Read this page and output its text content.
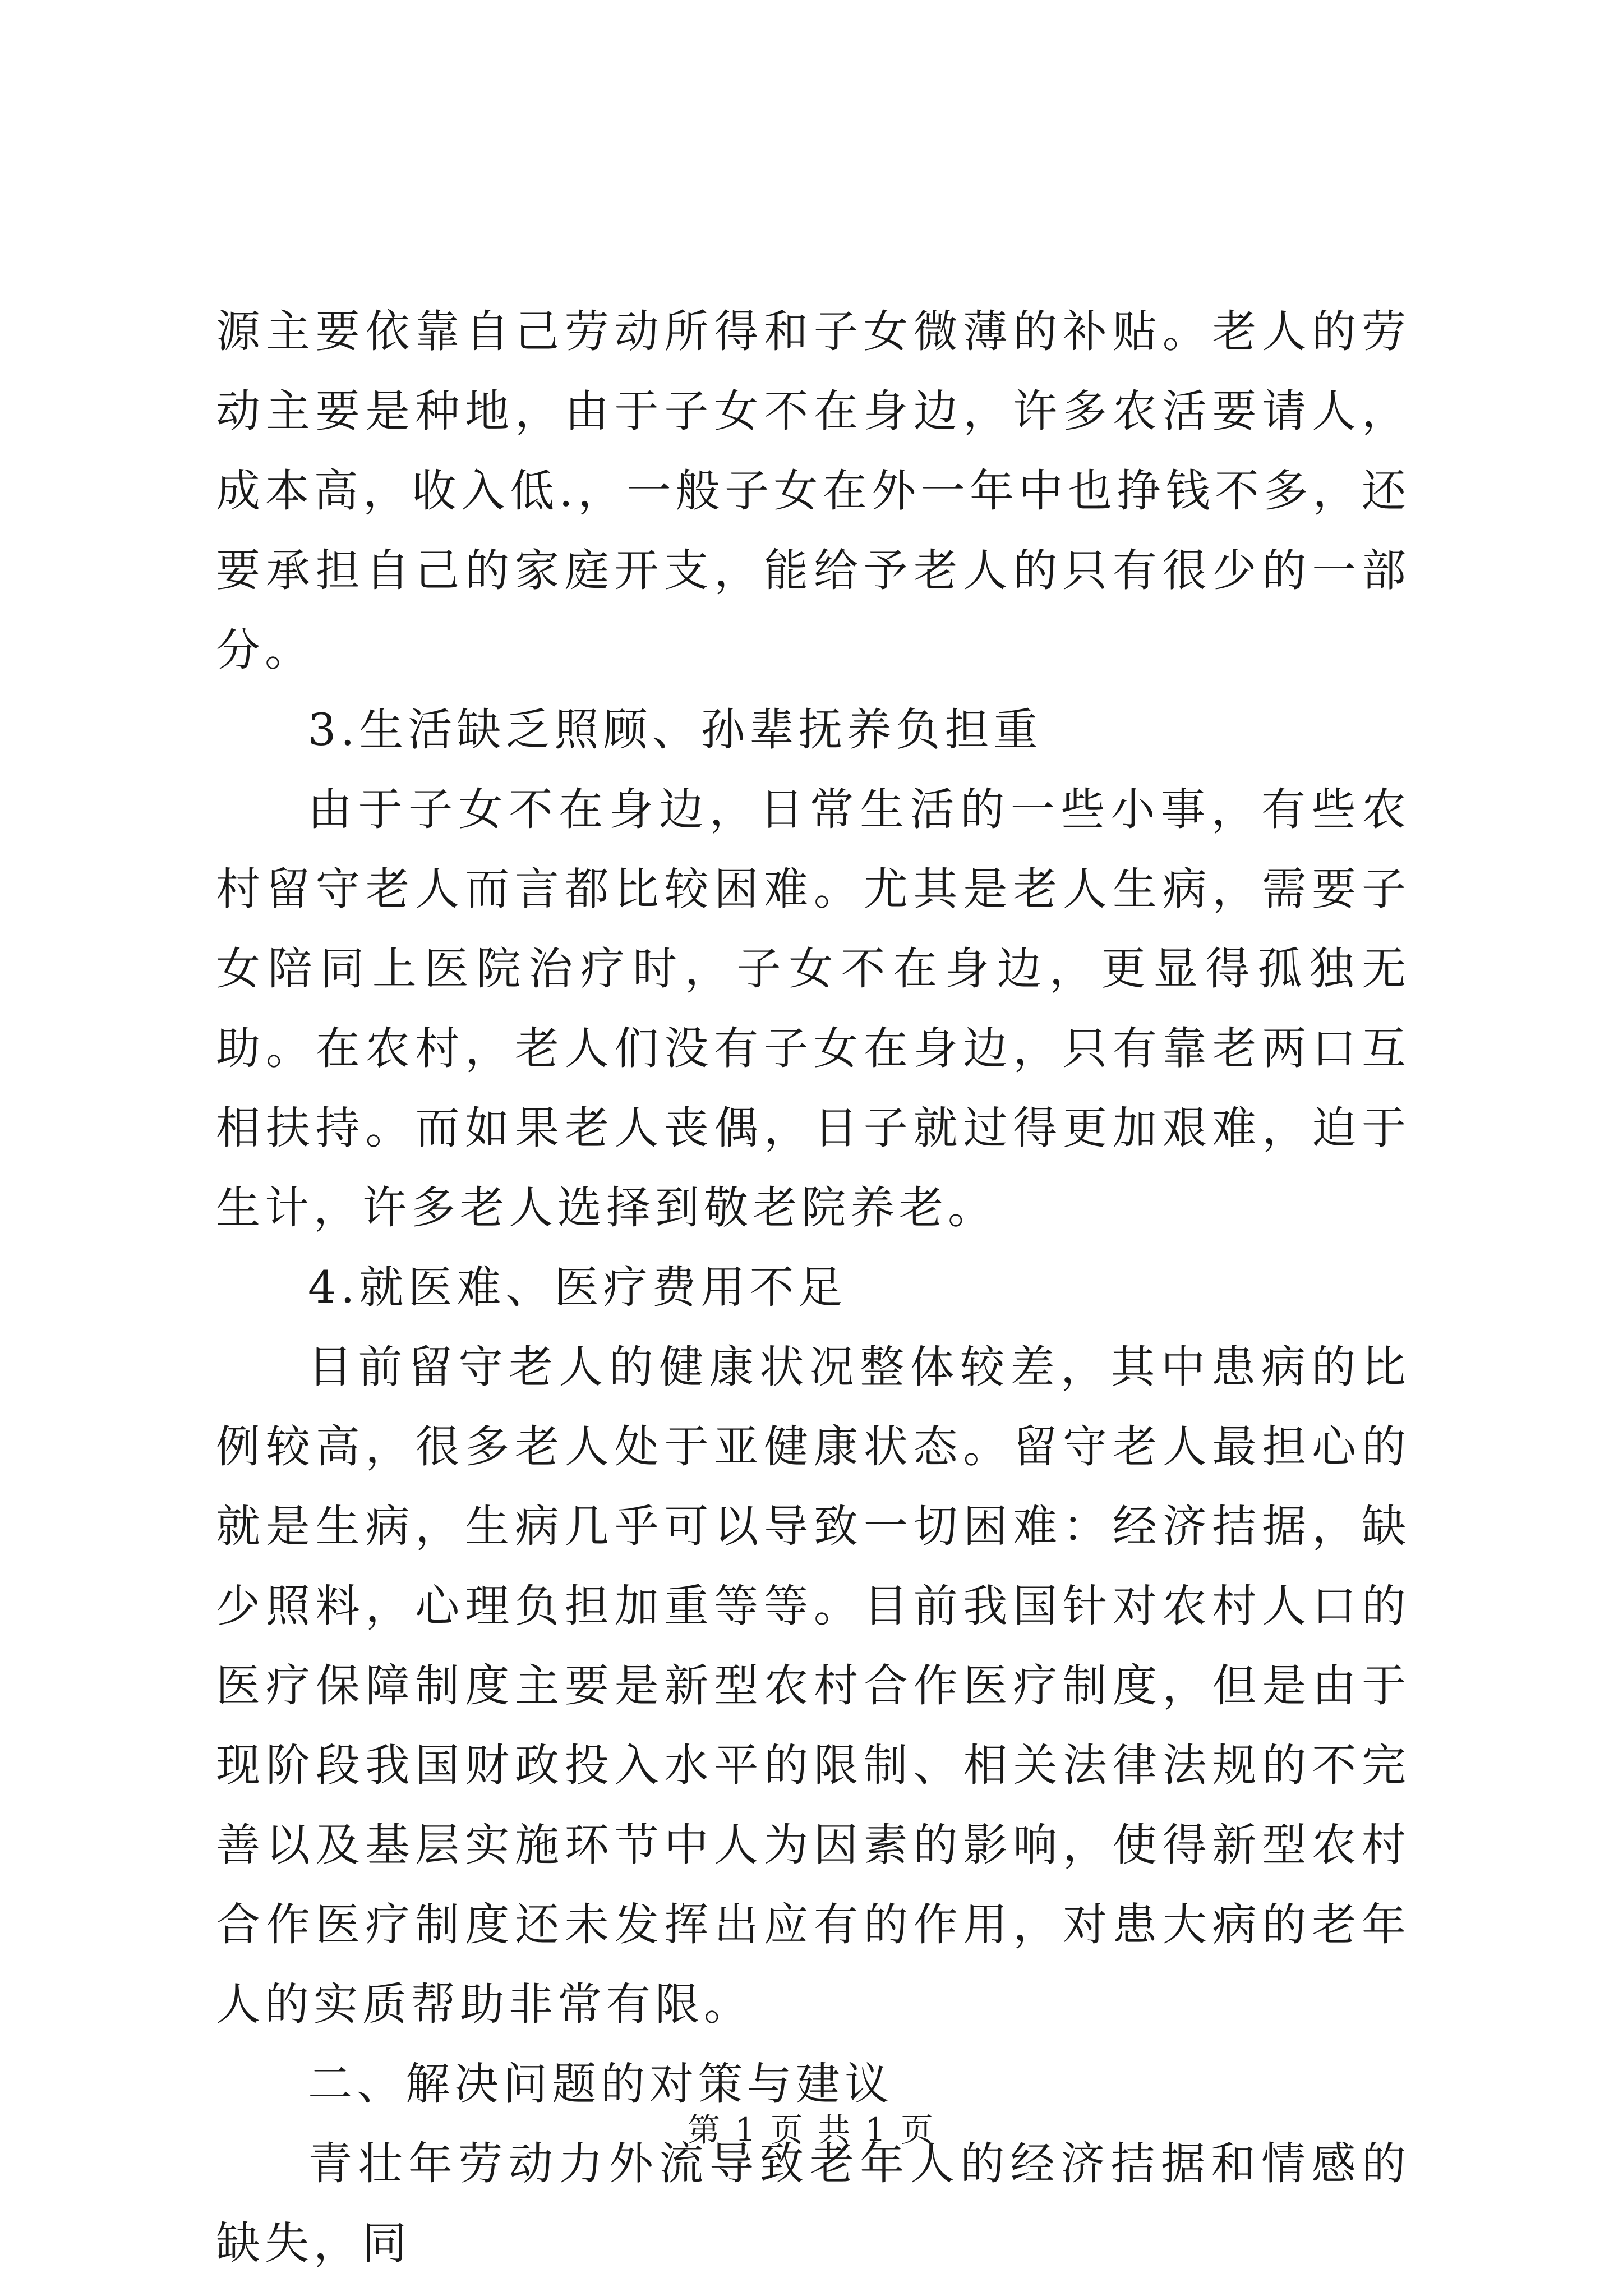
源主要依靠自己劳动所得和子女微薄的补贴。老人的劳动主要是种地，由于子女不在身边，许多农活要请人，成本高，收入低.，一般子女在外一年中也挣钱不多，还要承担自己的家庭开支，能给予老人的只有很少的一部分。

3.生活缺乏照顾、孙辈抚养负担重

由于子女不在身边，日常生活的一些小事，有些农村留守老人而言都比较困难。尤其是老人生病，需要子女陪同上医院治疗时，子女不在身边，更显得孤独无助。在农村，老人们没有子女在身边，只有靠老两口互相扶持。而如果老人丧偶，日子就过得更加艰难，迫于生计，许多老人选择到敬老院养老。

4.就医难、医疗费用不足

目前留守老人的健康状况整体较差，其中患病的比例较高，很多老人处于亚健康状态。留守老人最担心的就是生病，生病几乎可以导致一切困难：经济拮据，缺少照料，心理负担加重等等。目前我国针对农村人口的医疗保障制度主要是新型农村合作医疗制度，但是由于现阶段我国财政投入水平的限制、相关法律法规的不完善以及基层实施环节中人为因素的影响，使得新型农村合作医疗制度还未发挥出应有的作用，对患大病的老年人的实质帮助非常有限。

二、解决问题的对策与建议

青壮年劳动力外流导致老年人的经济拮据和情感的缺失，同

第 1 页 共 1 页
